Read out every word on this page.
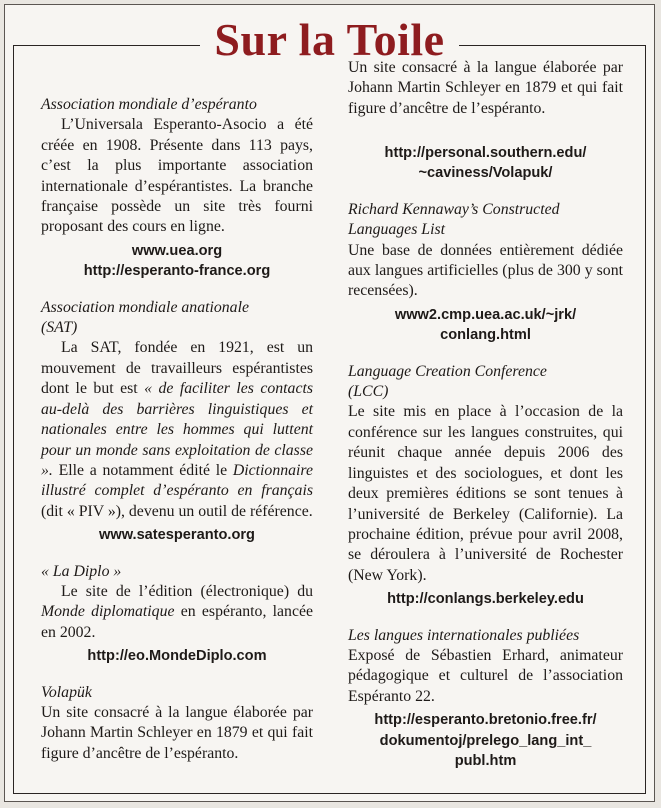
Sur la Toile

Association mondiale d’espéranto

L’Universala Esperanto-Asocio a été créée en 1908. Présente dans 113 pays, c’est la plus importante association internationale d’espérantistes. La branche française possède un site très fourni proposant des cours en ligne.

www.uea.org
http://esperanto-france.org

Association mondiale anationale
(SAT)

La SAT, fondée en 1921, est un mouvement de travailleurs espérantistes dont le but est « de faciliter les contacts au-delà des barrières linguistiques et nationales entre les hommes qui luttent pour un monde sans exploitation de classe ». Elle a notamment édité le Dictionnaire illustré complet d’espéranto en français (dit « PIV »), devenu un outil de référence.

www.satesperanto.org

« La Diplo »

Le site de l’édition (électronique) du Monde diplomatique en espéranto, lancée en 2002.

http://eo.MondeDiplo.com

Volapük

Un site consacré à la langue élaborée par Johann Martin Schleyer en 1879 et qui fait figure d’ancêtre de l’espéranto.

Un site consacré à la langue élaborée par Johann Martin Schleyer en 1879 et qui fait figure d’ancêtre de l’espéranto.

http://personal.southern.edu/
~caviness/Volapuk/

Richard Kennaway’s Constructed
Languages List

Une base de données entièrement dédiée aux langues artificielles (plus de 300 y sont recensées).

www2.cmp.uea.ac.uk/~jrk/
conlang.html

Language Creation Conference
(LCC)

Le site mis en place à l’occasion de la conférence sur les langues construites, qui réunit chaque année depuis 2006 des linguistes et des sociologues, et dont les deux premières éditions se sont tenues à l’université de Berkeley (Californie). La prochaine édition, prévue pour avril 2008, se déroulera à l’université de Rochester (New York).

http://conlangs.berkeley.edu

Les langues internationales publiées

Exposé de Sébastien Erhard, animateur pédagogique et culturel de l’association Espéranto 22.

http://esperanto.bretonio.free.fr/
dokumentoj/prelego_lang_int_
publ.htm
